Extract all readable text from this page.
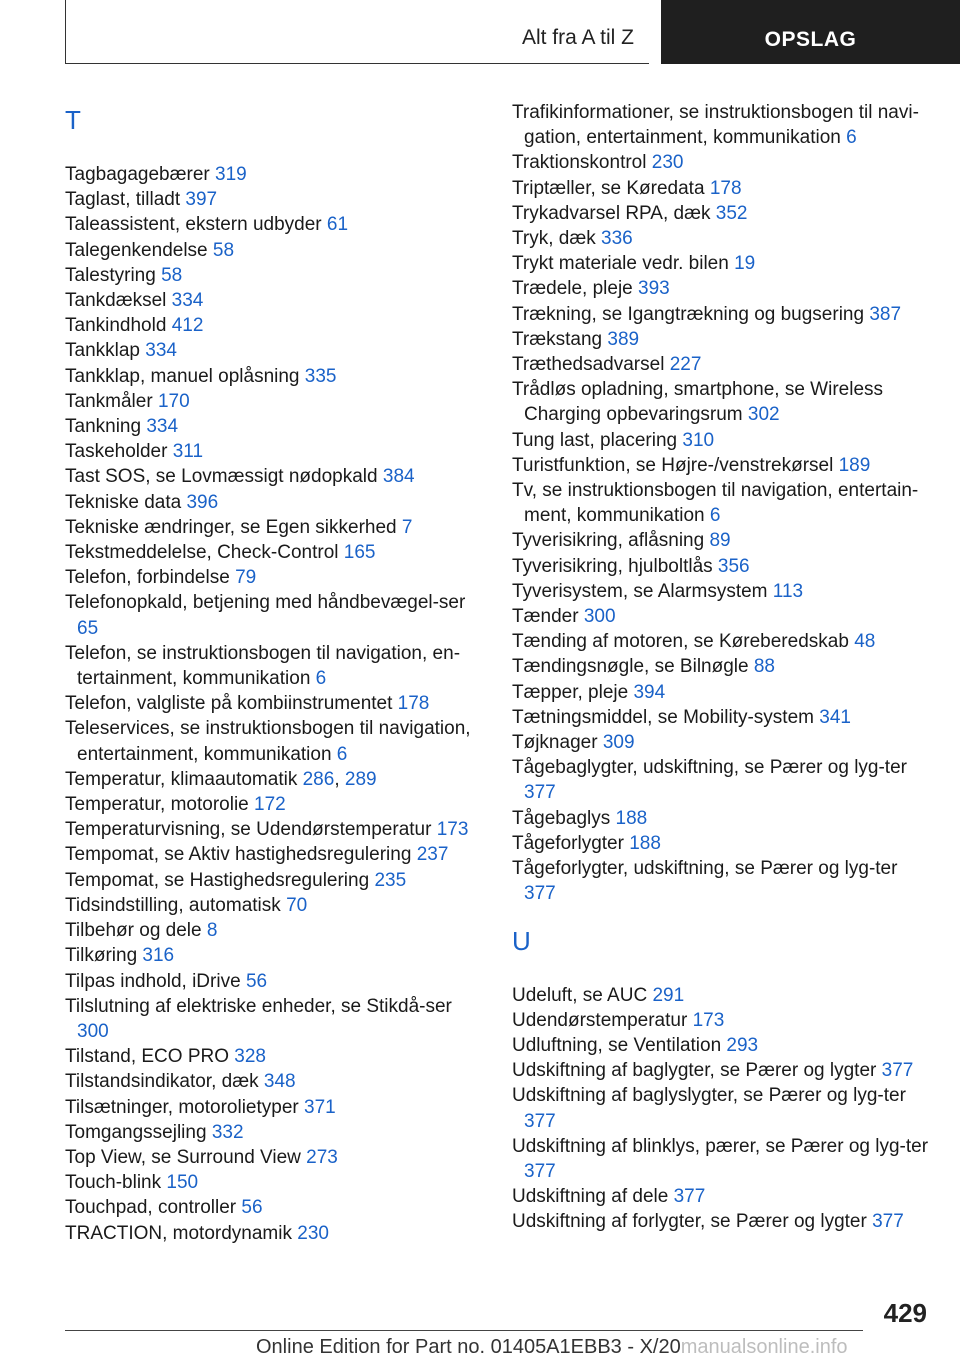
Alt fra A til Z	OPSLAG
T
Tagbagagebærer 319
Taglast, tilladt 397
Taleassistent, ekstern udbyder 61
Talegenkendelse 58
Talestyring 58
Tankdæksel 334
Tankindhold 412
Tankklap 334
Tankklap, manuel oplåsning 335
Tankmåler 170
Tankning 334
Taskeholder 311
Tast SOS, se Lovmæssigt nødopkald 384
Tekniske data 396
Tekniske ændringer, se Egen sikkerhed 7
Tekstmeddelelse, Check-Control 165
Telefon, forbindelse 79
Telefonopkald, betjening med håndbevægel-ser 65
Telefon, se instruktionsbogen til navigation, en-tertainment, kommunikation 6
Telefon, valgliste på kombiinstrumentet 178
Teleservices, se instruktionsbogen til navigation, entertainment, kommunikation 6
Temperatur, klimaautomatik 286, 289
Temperatur, motorolie 172
Temperaturvisning, se Udendørstemperatur 173
Tempomat, se Aktiv hastighedsregulering 237
Tempomat, se Hastighedsregulering 235
Tidsindstilling, automatisk 70
Tilbehør og dele 8
Tilkøring 316
Tilpas indhold, iDrive 56
Tilslutning af elektriske enheder, se Stikdå-ser 300
Tilstand, ECO PRO 328
Tilstandsindikator, dæk 348
Tilsætninger, motorolietyper 371
Tomgangssejling 332
Top View, se Surround View 273
Touch-blink 150
Touchpad, controller 56
TRACTION, motordynamik 230
Trafikinformationer, se instruktionsbogen til navi-gation, entertainment, kommunikation 6
Traktionskontrol 230
Triptæller, se Køredata 178
Trykadvarsel RPA, dæk 352
Tryk, dæk 336
Trykt materiale vedr. bilen 19
Trædele, pleje 393
Trækning, se Igangtrækning og bugsering 387
Trækstang 389
Træthedsadvarsel 227
Trådløs opladning, smartphone, se Wireless Charging opbevaringsrum 302
Tung last, placering 310
Turistfunktion, se Højre-/venstrekørsel 189
Tv, se instruktionsbogen til navigation, entertain-ment, kommunikation 6
Tyverisikring, aflåsning 89
Tyverisikring, hjulboltlås 356
Tyverisystem, se Alarmsystem 113
Tænder 300
Tænding af motoren, se Køreberedskab 48
Tændingsnøgle, se Bilnøgle 88
Tæpper, pleje 394
Tætningsmiddel, se Mobility-system 341
Tøjknager 309
Tågebaglygter, udskiftning, se Pærer og lyg-ter 377
Tågebaglys 188
Tågeforlygter 188
Tågeforlygter, udskiftning, se Pærer og lyg-ter 377
U
Udeluft, se AUC 291
Udendørstemperatur 173
Udluftning, se Ventilation 293
Udskiftning af baglygter, se Pærer og lygter 377
Udskiftning af baglyslygter, se Pærer og lyg-ter 377
Udskiftning af blinklys, pærer, se Pærer og lyg-ter 377
Udskiftning af dele 377
Udskiftning af forlygter, se Pærer og lygter 377
429
Online Edition for Part no. 01405A1EBB3 - X/20manualsonline.info
